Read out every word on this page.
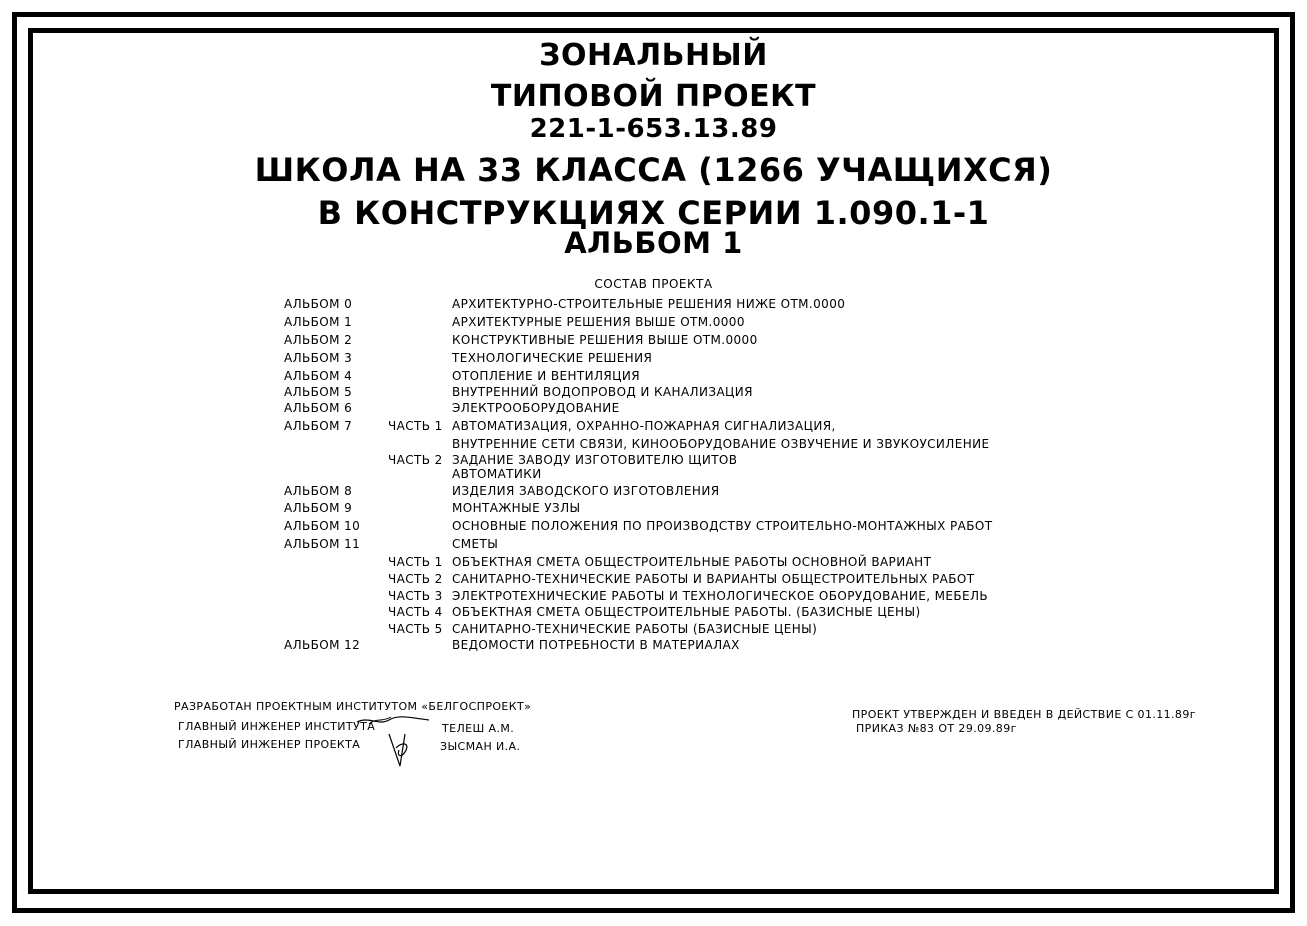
ЗОНАЛЬНЫЙ
ТИПОВОЙ ПРОЕКТ
221-1-653.13.89
ШКОЛА НА 33 КЛАССА (1266 УЧАЩИХСЯ)
В КОНСТРУКЦИЯХ СЕРИИ 1.090.1-1
АЛЬБОМ 1
СОСТАВ ПРОЕКТА
АЛЬБОМ 0	АРХИТЕКТУРНО-СТРОИТЕЛЬНЫЕ РЕШЕНИЯ НИЖЕ ОТМ.0000
АЛЬБОМ 1	АРХИТЕКТУРНЫЕ РЕШЕНИЯ ВЫШЕ ОТМ.0000
АЛЬБОМ 2	КОНСТРУКТИВНЫЕ РЕШЕНИЯ ВЫШЕ ОТМ.0000
АЛЬБОМ 3	ТЕХНОЛОГИЧЕСКИЕ РЕШЕНИЯ
АЛЬБОМ 4	ОТОПЛЕНИЕ И ВЕНТИЛЯЦИЯ
АЛЬБОМ 5	ВНУТРЕННИЙ ВОДОПРОВОД И КАНАЛИЗАЦИЯ
АЛЬБОМ 6	ЭЛЕКТРООБОРУДОВАНИЕ
АЛЬБОМ 7	ЧАСТЬ 1 АВТОМАТИЗАЦИЯ, ОХРАННО-ПОЖАРНАЯ СИГНАЛИЗАЦИЯ,
ВНУТРЕННИЕ СЕТИ СВЯЗИ, КИНООБОРУДОВАНИЕ ОЗВУЧЕНИЕ И ЗВУКОУСИЛЕНИЕ
ЧАСТЬ 2 ЗАДАНИЕ ЗАВОДУ ИЗГОТОВИТЕЛЮ ЩИТОВ
АВТОМАТИКИ
АЛЬБОМ 8	ИЗДЕЛИЯ ЗАВОДСКОГО ИЗГОТОВЛЕНИЯ
АЛЬБОМ 9	МОНТАЖНЫЕ УЗЛЫ
АЛЬБОМ 10	ОСНОВНЫЕ ПОЛОЖЕНИЯ ПО ПРОИЗВОДСТВУ СТРОИТЕЛЬНО-МОНТАЖНЫХ РАБОТ
АЛЬБОМ 11	СМЕТЫ
ЧАСТЬ 1 ОБЪЕКТНАЯ СМЕТА ОБЩЕСТРОИТЕЛЬНЫЕ РАБОТЫ ОСНОВНОЙ ВАРИАНТ
ЧАСТЬ 2 САНИТАРНО-ТЕХНИЧЕСКИЕ РАБОТЫ И ВАРИАНТЫ ОБЩЕСТРОИТЕЛЬНЫХ РАБОТ
ЧАСТЬ 3 ЭЛЕКТРОТЕХНИЧЕСКИЕ РАБОТЫ И ТЕХНОЛОГИЧЕСКОЕ ОБОРУДОВАНИЕ, МЕБЕЛЬ
ЧАСТЬ 4 ОБЪЕКТНАЯ СМЕТА ОБЩЕСТРОИТЕЛЬНЫЕ РАБОТЫ. (БАЗИСНЫЕ ЦЕНЫ)
ЧАСТЬ 5 САНИТАРНО-ТЕХНИЧЕСКИЕ РАБОТЫ (БАЗИСНЫЕ ЦЕНЫ)
АЛЬБОМ 12	ВЕДОМОСТИ ПОТРЕБНОСТИ В МАТЕРИАЛАХ
РАЗРАБОТАН ПРОЕКТНЫМ ИНСТИТУТОМ «БЕЛГОСПРОЕКТ»
ГЛАВНЫЙ ИНЖЕНЕР ИНСТИТУТА	ТЕЛЕШ А.М.
ГЛАВНЫЙ ИНЖЕНЕР ПРОЕКТА	ЗЫСМАН И.А.
ПРОЕКТ УТВЕРЖДЕН И ВВЕДЕН В ДЕЙСТВИЕ С 01.11.89г
ПРИКАЗ №83 ОТ 29.09.89г
